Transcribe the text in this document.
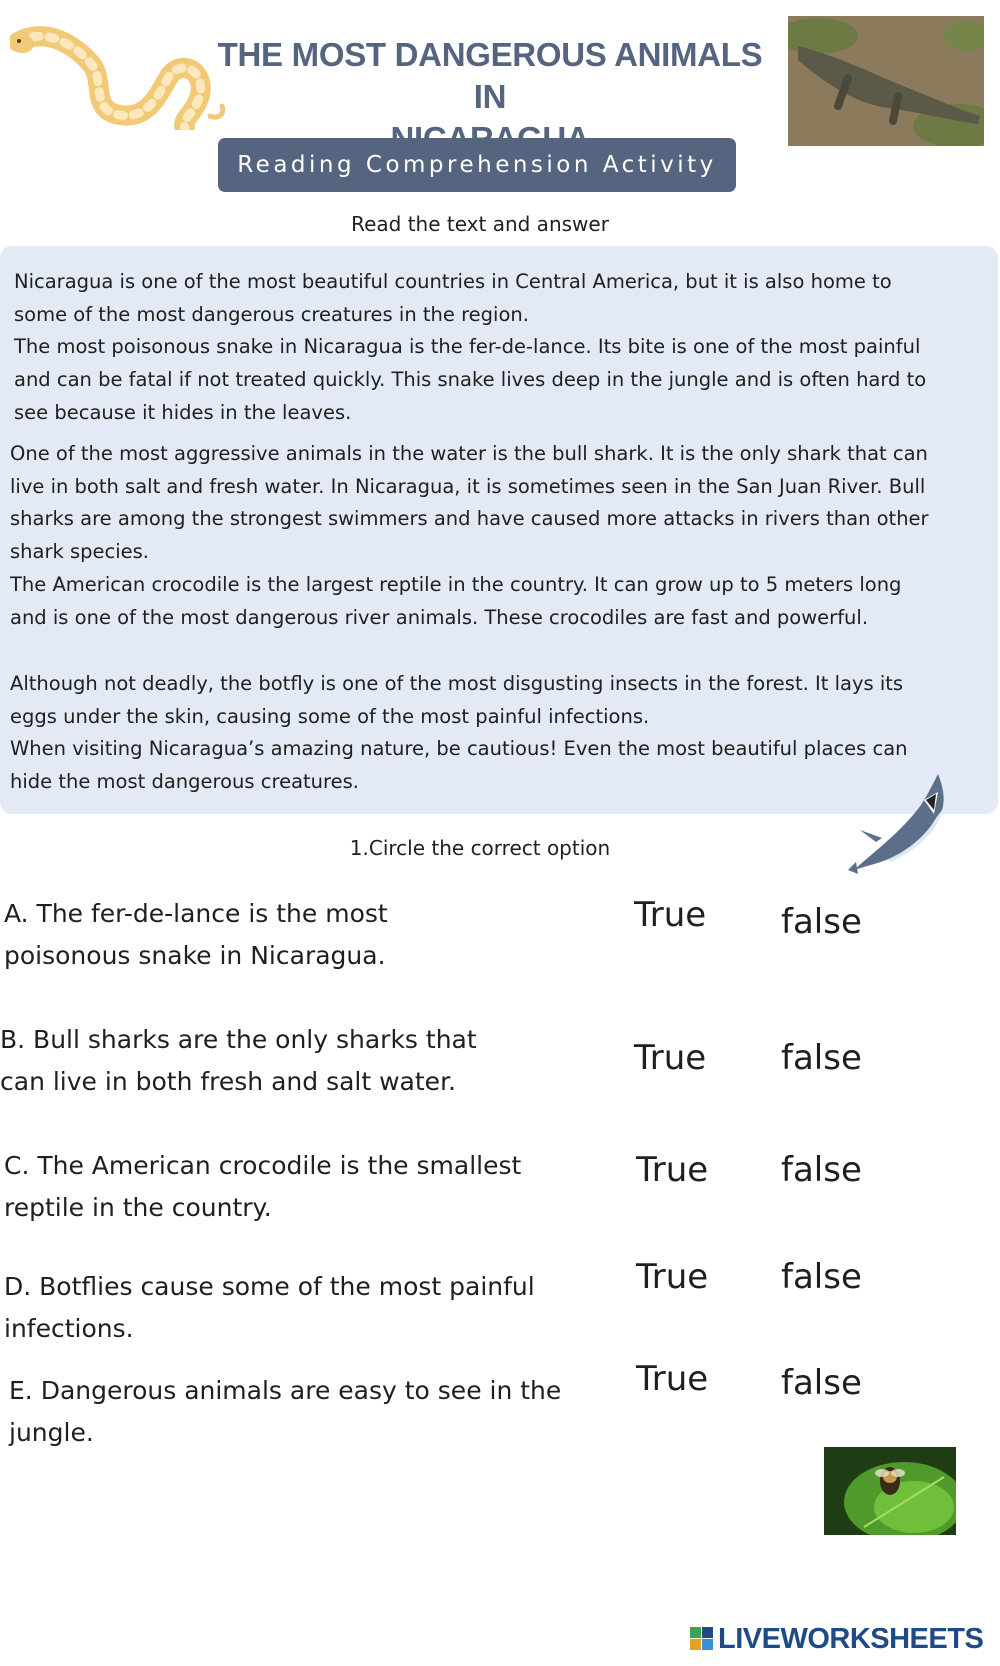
THE MOST DANGEROUS ANIMALS IN
Reading Comprehension Activity
Read the text and answer
Nicaragua is one of the most beautiful countries in Central America, but it is also home to
some of the most dangerous creatures in the region.
The most poisonous snake in Nicaragua is the fer-de-lance. Its bite is one of the most painful
and can be fatal if not treated quickly. This snake lives deep in the jungle and is often hard to
see because it hides in the leaves.
One of the most aggressive animals in the water is the bull shark. It is the only shark that can
live in both salt and fresh water. In Nicaragua, it is sometimes seen in the San Juan River. Bull
sharks are among the strongest swimmers and have caused more attacks in rivers than other
shark species.
The American crocodile is the largest reptile in the country. It can grow up to 5 meters long
and is one of the most dangerous river animals. These crocodiles are fast and powerful.
Although not deadly, the botfly is one of the most disgusting insects in the forest. It lays its
eggs under the skin, causing some of the most painful infections.
When visiting Nicaragua’s amazing nature, be cautious! Even the most beautiful places can
hide the most dangerous creatures.
1.Circle the correct option
A. The fer-de-lance is the most
poisonous snake in Nicaragua.
True false
B. Bull sharks are the only sharks that
can live in both fresh and salt water.
True false
C. The American crocodile is the smallest
reptile in the country.
True false
D. Botflies cause some of the most painful
infections.
True false
E. Dangerous animals are easy to see in the
jungle.
True false
LIVEWORKSHEETS
